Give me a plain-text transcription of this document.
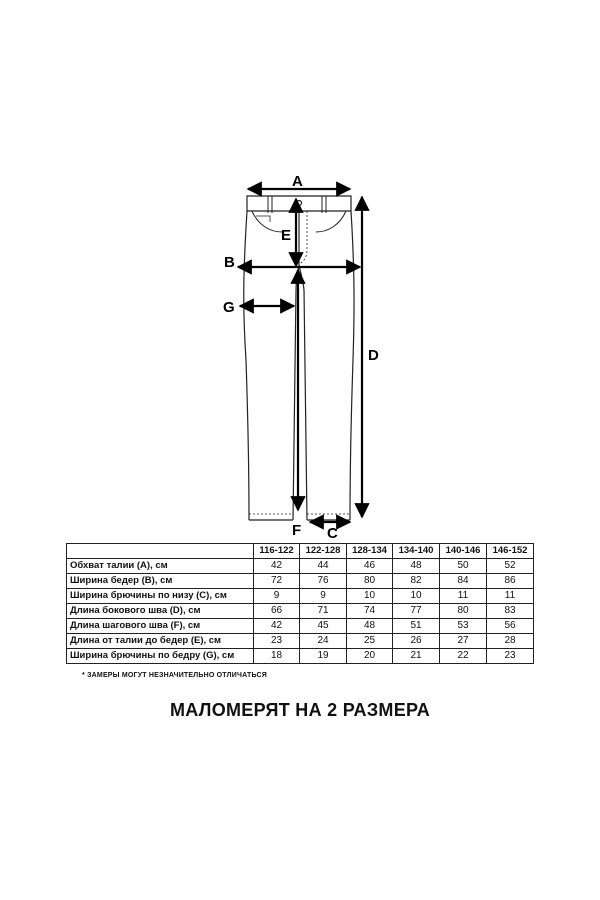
A
B
G
E
D
F C
	116-122	122-128	128-134	134-140	140-146	146-152
Обхват талии (А), см	42	44	46	48	50	52
Ширина бедер (B), см	72	76	80	82	84	86
Ширина брючины по низу (C), см	9	9	10	10	11	11
Длина бокового шва (D), см	66	71	74	77	80	83
Длина шагового шва (F), см	42	45	48	51	53	56
Длина от талии до бедер (E), см	23	24	25	26	27	28
Ширина брючины по бедру (G), см	18	19	20	21	22	23
* ЗАМЕРЫ МОГУТ НЕЗНАЧИТЕЛЬНО ОТЛИЧАТЬСЯ
МАЛОМЕРЯТ НА 2 РАЗМЕРА
